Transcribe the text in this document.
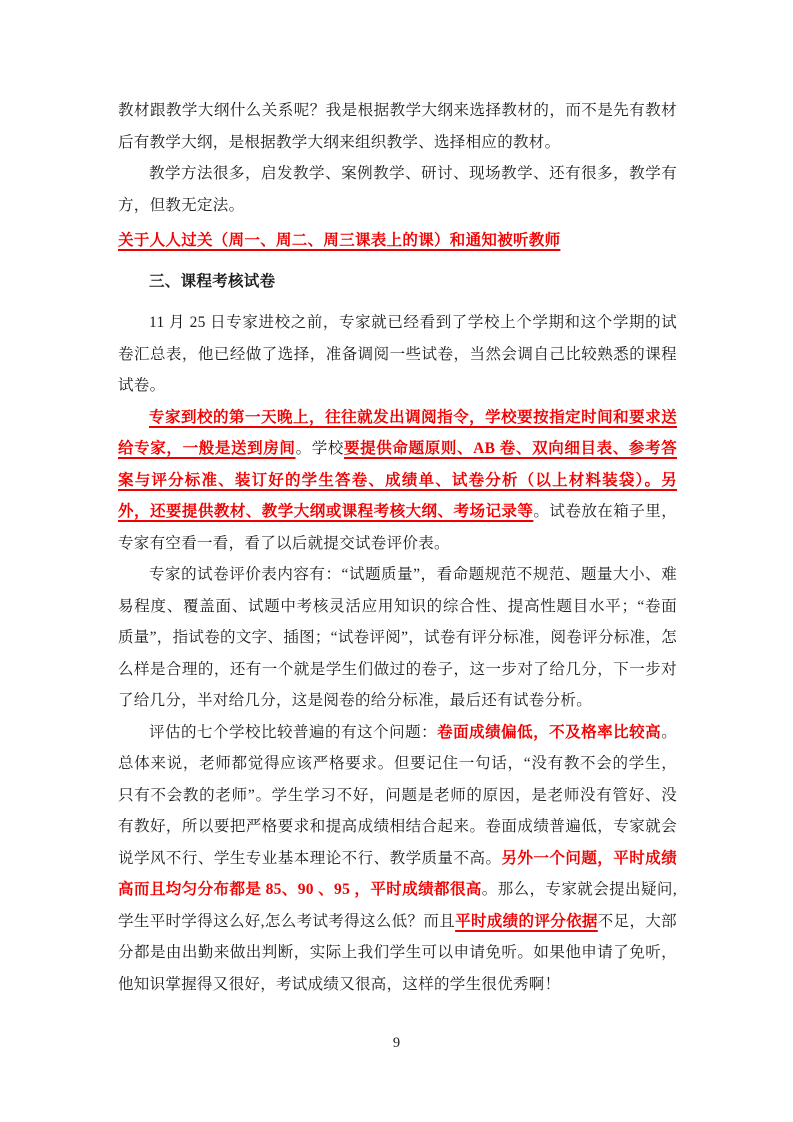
教材跟教学大纲什么关系呢？我是根据教学大纲来选择教材的，而不是先有教材后有教学大纲，是根据教学大纲来组织教学、选择相应的教材。

教学方法很多，启发教学、案例教学、研讨、现场教学、还有很多，教学有方，但教无定法。

关于人人过关（周一、周二、周三课表上的课）和通知被听教师

三、课程考核试卷

11 月 25 日专家进校之前，专家就已经看到了学校上个学期和这个学期的试卷汇总表，他已经做了选择，准备调阅一些试卷，当然会调自己比较熟悉的课程试卷。

专家到校的第一天晚上，往往就发出调阅指令，学校要按指定时间和要求送给专家，一般是送到房间。学校要提供命题原则、AB 卷、双向细目表、参考答案与评分标准、装订好的学生答卷、成绩单、试卷分析（以上材料装袋）。另外，还要提供教材、教学大纲或课程考核大纲、考场记录等。试卷放在箱子里，专家有空看一看，看了以后就提交试卷评价表。

专家的试卷评价表内容有：“试题质量”，看命题规范不规范、题量大小、难易程度、覆盖面、试题中考核灵活应用知识的综合性、提高性题目水平；“卷面质量”，指试卷的文字、插图；“试卷评阅”，试卷有评分标准，阅卷评分标准，怎么样是合理的，还有一个就是学生们做过的卷子，这一步对了给几分，下一步对了给几分，半对给几分，这是阅卷的给分标准，最后还有试卷分析。

评估的七个学校比较普遍的有这个问题：卷面成绩偏低，不及格率比较高。总体来说，老师都觉得应该严格要求。但要记住一句话，“没有教不会的学生，只有不会教的老师”。学生学习不好，问题是老师的原因，是老师没有管好、没有教好，所以要把严格要求和提高成绩相结合起来。卷面成绩普遍低，专家就会说学风不行、学生专业基本理论不行、教学质量不高。另外一个问题，平时成绩高而且均匀分布都是 85、90 、95 ，平时成绩都很高。那么，专家就会提出疑问,学生平时学得这么好,怎么考试考得这么低？而且平时成绩的评分依据不足，大部分都是由出勤来做出判断，实际上我们学生可以申请免听。如果他申请了免听，他知识掌握得又很好，考试成绩又很高，这样的学生很优秀啊！

9
